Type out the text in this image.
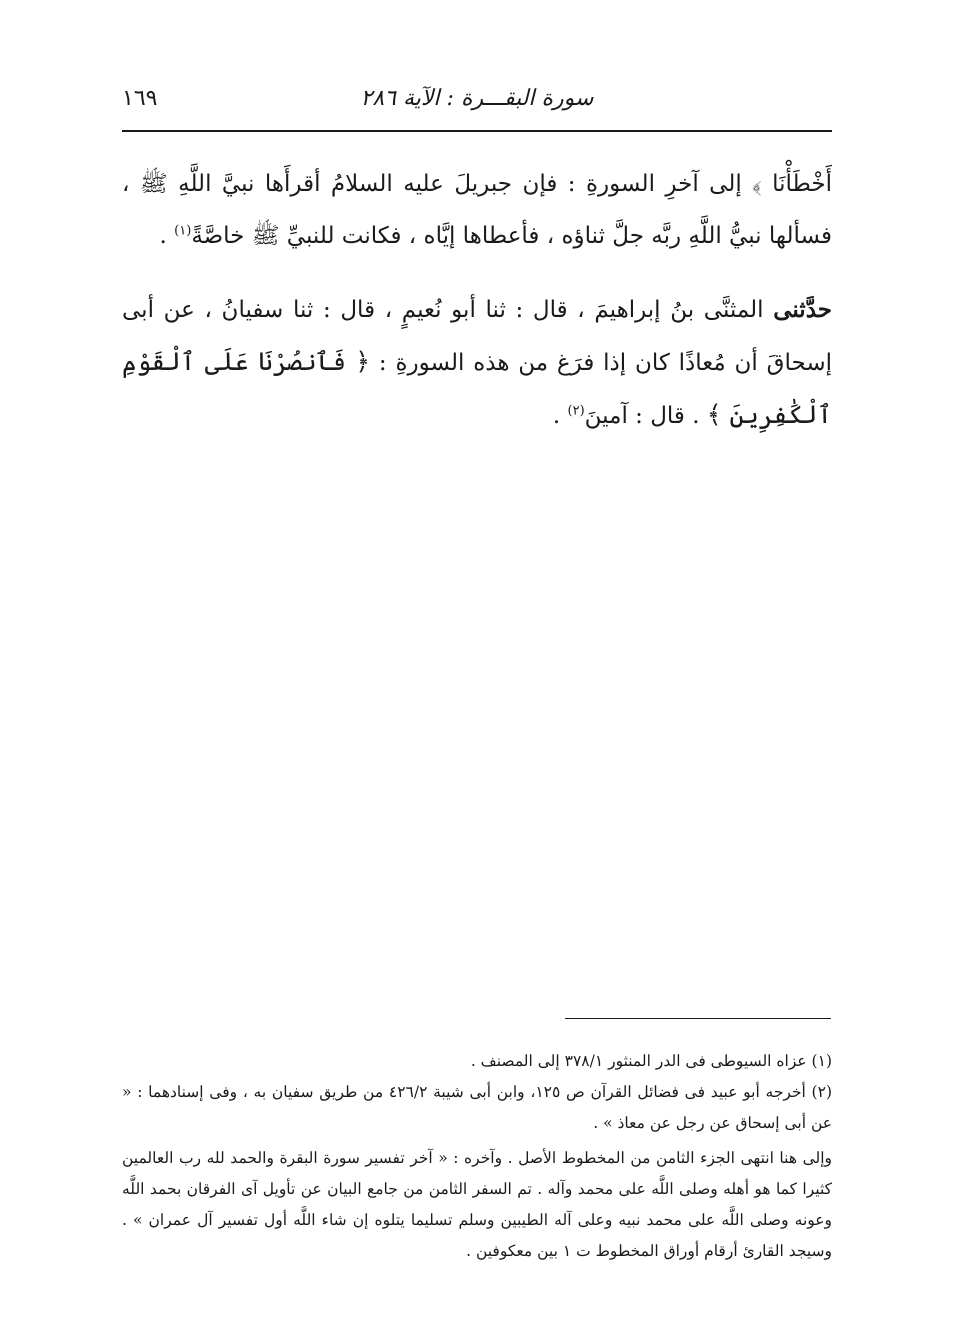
١٦٩	سورة البقـــرة : الآية ٢٨٦

أَخْطَأْنَا ﴾ إلى آخرِ السورةِ : فإن جبريلَ عليه السلامُ أقرأَها نبيَّ اللَّهِ ﷺ ، فسألها نبيُّ اللَّهِ ربَّه جلَّ ثناؤه ، فأعطاها إيَّاه ، فكانت للنبيِّ ﷺ خاصَّةً$^{(١)}$ .

حدَّثنى المثنَّى بنُ إبراهيمَ ، قال : ثنا أبو نُعيمٍ ، قال : ثنا سفيانُ ، عن أبى إسحاقَ أن مُعاذًا كان إذا فرَغ من هذه السورةِ : ﴿ فَٱنصُرْنَا عَلَى ٱلْقَوْمِ ٱلْكَٰفِرِينَ ﴾ . قال : آمينَ$^{(٢)}$ .

(١) عزاه السيوطى فى الدر المنثور ٣٧٨/١ إلى المصنف .

(٢) أخرجه أبو عبيد فى فضائل القرآن ص ١٢٥، وابن أبى شيبة ٤٢٦/٢ من طريق سفيان به ، وفى إسنادهما : « عن أبى إسحاق عن رجل عن معاذ » .

وإلى هنا انتهى الجزء الثامن من المخطوط الأصل . وآخره : « آخر تفسير سورة البقرة والحمد لله رب العالمين كثيرا كما هو أهله وصلى اللَّه على محمد وآله . تم السفر الثامن من جامع البيان عن تأويل آى الفرقان بحمد اللَّه وعونه وصلى اللَّه على محمد نبيه وعلى آله الطيبين وسلم تسليما يتلوه إن شاء اللَّه أول تفسير آل عمران » . وسيجد القارئ أرقام أوراق المخطوط ت ١ بين معكوفين .
